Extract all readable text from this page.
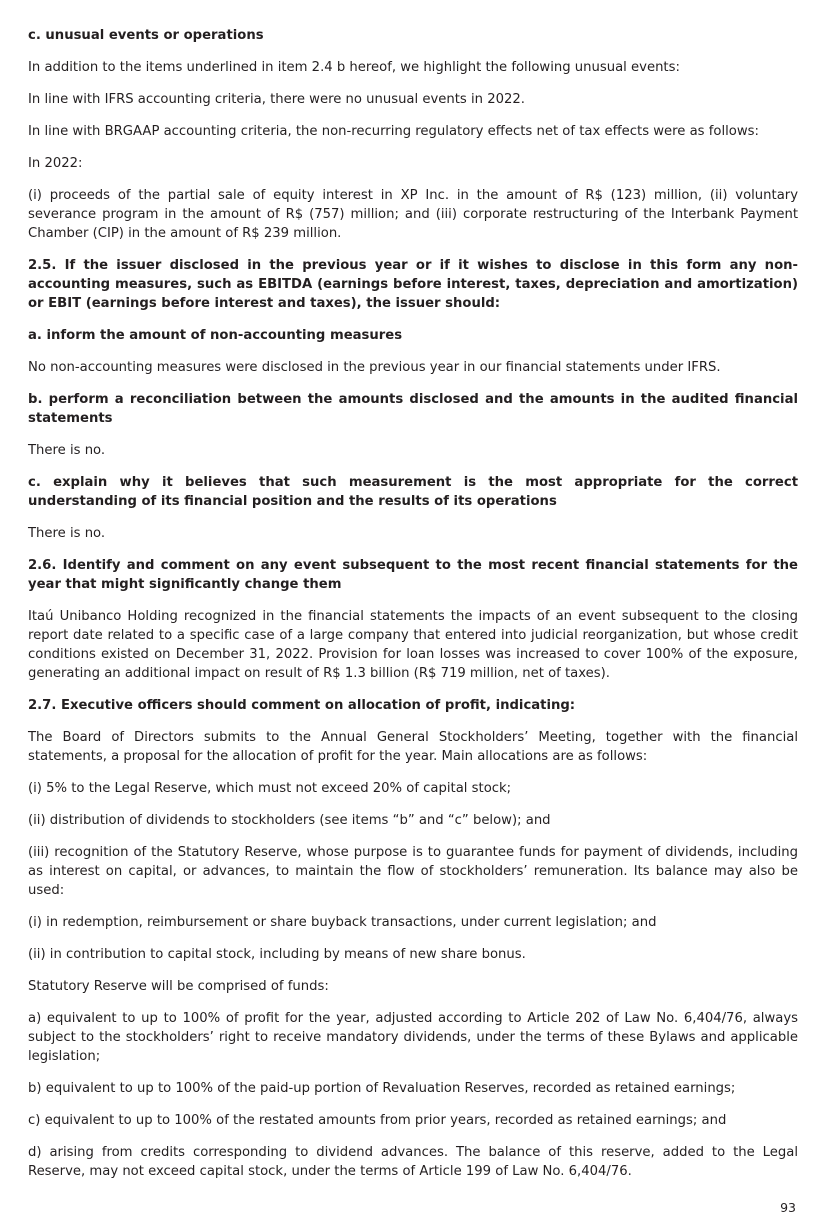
c. unusual events or operations

In addition to the items underlined in item 2.4 b hereof, we highlight the following unusual events:

In line with IFRS accounting criteria, there were no unusual events in 2022.

In line with BRGAAP accounting criteria, the non-recurring regulatory effects net of tax effects were as follows:

In 2022:

(i) proceeds of the partial sale of equity interest in XP Inc. in the amount of R$ (123) million, (ii) voluntary severance program in the amount of R$ (757) million; and (iii) corporate restructuring of the Interbank Payment Chamber (CIP) in the amount of R$ 239 million.

2.5. If the issuer disclosed in the previous year or if it wishes to disclose in this form any non-accounting measures, such as EBITDA (earnings before interest, taxes, depreciation and amortization) or EBIT (earnings before interest and taxes), the issuer should:

a. inform the amount of non-accounting measures

No non-accounting measures were disclosed in the previous year in our financial statements under IFRS.

b. perform a reconciliation between the amounts disclosed and the amounts in the audited financial statements

There is no.

c. explain why it believes that such measurement is the most appropriate for the correct understanding of its financial position and the results of its operations

There is no.

2.6. Identify and comment on any event subsequent to the most recent financial statements for the year that might significantly change them

Itaú Unibanco Holding recognized in the financial statements the impacts of an event subsequent to the closing report date related to a specific case of a large company that entered into judicial reorganization, but whose credit conditions existed on December 31, 2022. Provision for loan losses was increased to cover 100% of the exposure, generating an additional impact on result of R$ 1.3 billion (R$ 719 million, net of taxes).

2.7. Executive officers should comment on allocation of profit, indicating:

The Board of Directors submits to the Annual General Stockholders’ Meeting, together with the financial statements, a proposal for the allocation of profit for the year. Main allocations are as follows:

(i) 5% to the Legal Reserve, which must not exceed 20% of capital stock;

(ii) distribution of dividends to stockholders (see items “b” and “c” below); and

(iii) recognition of the Statutory Reserve, whose purpose is to guarantee funds for payment of dividends, including as interest on capital, or advances, to maintain the flow of stockholders’ remuneration. Its balance may also be used:

(i) in redemption, reimbursement or share buyback transactions, under current legislation; and

(ii) in contribution to capital stock, including by means of new share bonus.

Statutory Reserve will be comprised of funds:

a) equivalent to up to 100% of profit for the year, adjusted according to Article 202 of Law No. 6,404/76, always subject to the stockholders’ right to receive mandatory dividends, under the terms of these Bylaws and applicable legislation;

b) equivalent to up to 100% of the paid-up portion of Revaluation Reserves, recorded as retained earnings;

c) equivalent to up to 100% of the restated amounts from prior years, recorded as retained earnings; and

d) arising from credits corresponding to dividend advances. The balance of this reserve, added to the Legal Reserve, may not exceed capital stock, under the terms of Article 199 of Law No. 6,404/76.

93
